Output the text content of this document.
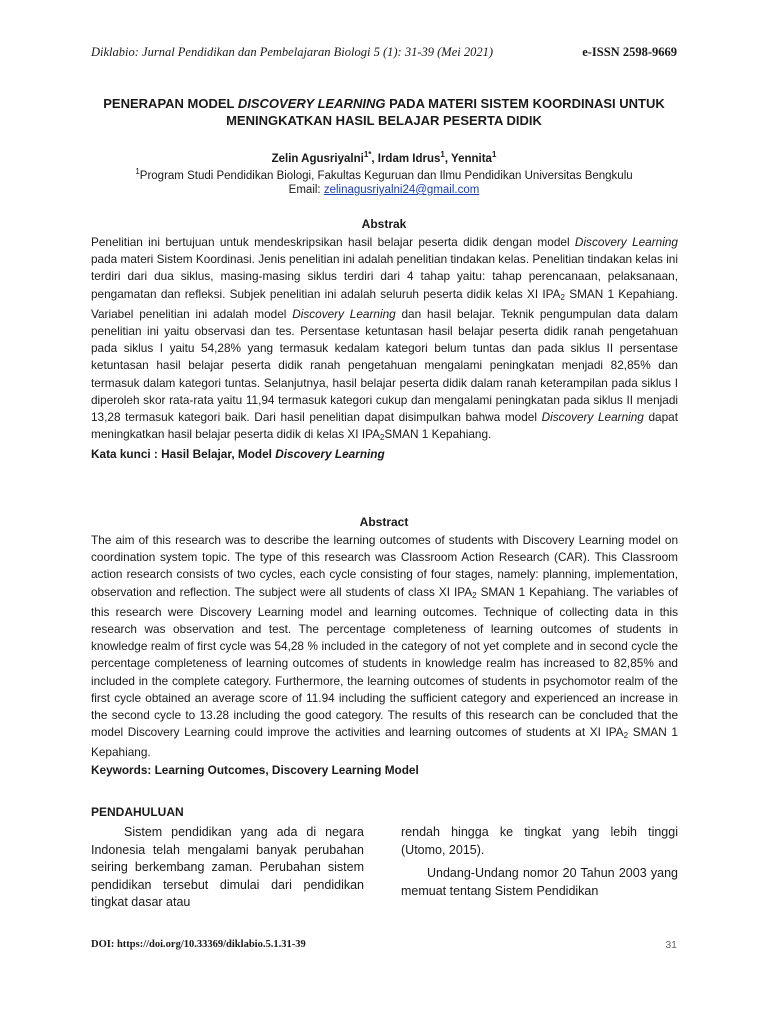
Diklabio: Jurnal Pendidikan dan Pembelajaran Biologi 5 (1): 31-39 (Mei 2021)	e-ISSN 2598-9669
PENERAPAN MODEL DISCOVERY LEARNING PADA MATERI SISTEM KOORDINASI UNTUK
MENINGKATKAN HASIL BELAJAR PESERTA DIDIK
Zelin Agusriyalni$^{1*}$, Irdam Idrus$^1$, Yennita$^1$
$^1$Program Studi Pendidikan Biologi, Fakultas Keguruan dan Ilmu Pendidikan Universitas Bengkulu
Email: zelinagusriyalni24@gmail.com
Abstrak
Penelitian ini bertujuan untuk mendeskripsikan hasil belajar peserta didik dengan model Discovery Learning pada materi Sistem Koordinasi. Jenis penelitian ini adalah penelitian tindakan kelas. Penelitian tindakan kelas ini terdiri dari dua siklus, masing-masing siklus terdiri dari 4 tahap yaitu: tahap perencanaan, pelaksanaan, pengamatan dan refleksi. Subjek penelitian ini adalah seluruh peserta didik kelas XI $IPA_2$ SMAN 1 Kepahiang. Variabel penelitian ini adalah model Discovery Learning dan hasil belajar. Teknik pengumpulan data dalam penelitian ini yaitu observasi dan tes. Persentase ketuntasan hasil belajar peserta didik ranah pengetahuan pada siklus I yaitu 54,28% yang termasuk kedalam kategori belum tuntas dan pada siklus II persentase ketuntasan hasil belajar peserta didik ranah pengetahuan mengalami peningkatan menjadi 82,85% dan termasuk dalam kategori tuntas. Selanjutnya, hasil belajar peserta didik dalam ranah keterampilan pada siklus I diperoleh skor rata-rata yaitu 11,94 termasuk kategori cukup dan mengalami peningkatan pada siklus II menjadi 13,28 termasuk kategori baik. Dari hasil penelitian dapat disimpulkan bahwa model Discovery Learning dapat meningkatkan hasil belajar peserta didik di kelas XI $IPA_2SMAN$ 1 Kepahiang.
Kata kunci : Hasil Belajar, Model Discovery Learning
Abstract
The aim of this research was to describe the learning outcomes of students with Discovery Learning model on coordination system topic. The type of this research was Classroom Action Research (CAR). This Classroom action research consists of two cycles, each cycle consisting of four stages, namely: planning, implementation, observation and reflection. The subject were all students of class XI $IPA_2$ SMAN 1 Kepahiang. The variables of this research were Discovery Learning model and learning outcomes. Technique of collecting data in this research was observation and test. The percentage completeness of learning outcomes of students in knowledge realm of first cycle was 54,28 % included in the category of not yet complete and in second cycle the percentage completeness of learning outcomes of students in knowledge realm has increased to 82,85% and included in the complete category. Furthermore, the learning outcomes of students in psychomotor realm of the first cycle obtained an average score of 11.94 including the sufficient category and experienced an increase in the second cycle to 13.28 including the good category. The results of this research can be concluded that the model Discovery Learning could improve the activities and learning outcomes of students at XI $IPA_2$ SMAN 1 Kepahiang.
Keywords: Learning Outcomes, Discovery Learning Model
PENDAHULUAN
Sistem pendidikan yang ada di negara Indonesia telah mengalami banyak perubahan seiring berkembang zaman. Perubahan sistem pendidikan tersebut dimulai dari pendidikan tingkat dasar atau
rendah hingga ke tingkat yang lebih tinggi (Utomo, 2015).
Undang-Undang nomor 20 Tahun 2003 yang memuat tentang Sistem Pendidikan
DOI: https://doi.org/10.33369/diklabio.5.1.31-39	31
